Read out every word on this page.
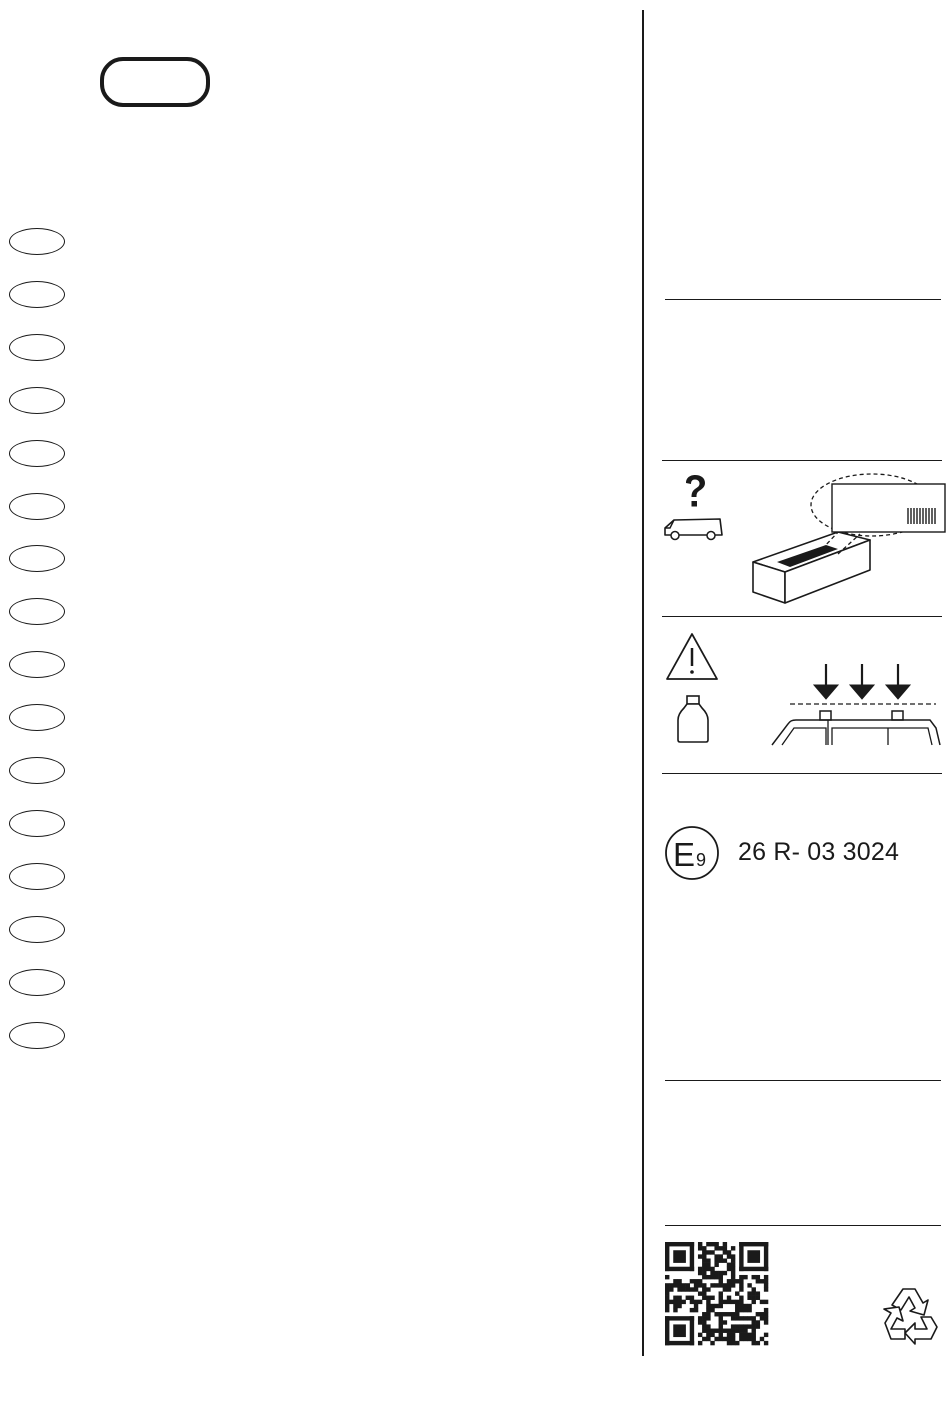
E 9 26 R- 03 3024
